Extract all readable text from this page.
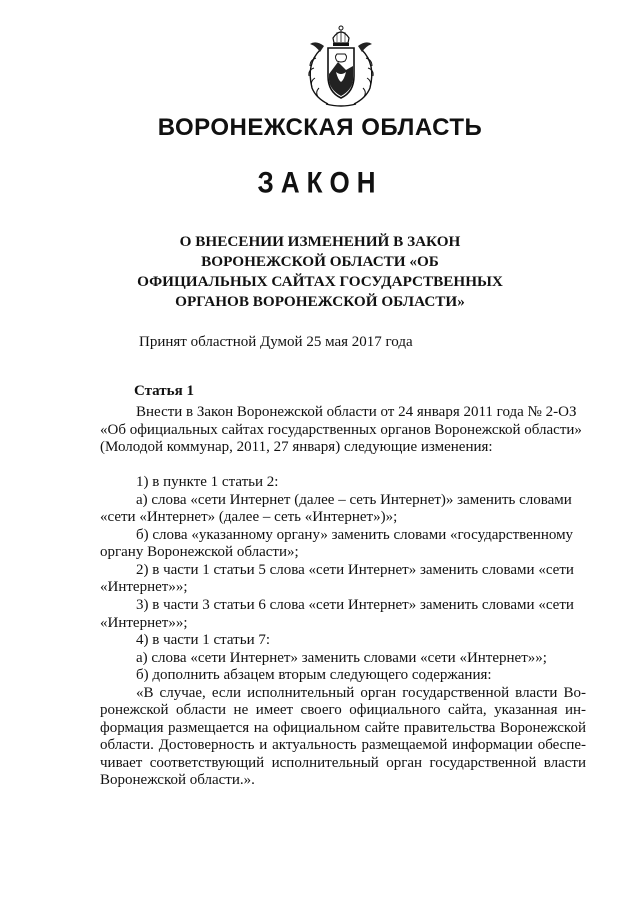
ВОРОНЕЖСКАЯ ОБЛАСТЬ
ЗАКОН
О ВНЕСЕНИИ ИЗМЕНЕНИЙ В ЗАКОН
ВОРОНЕЖСКОЙ ОБЛАСТИ «ОБ
ОФИЦИАЛЬНЫХ САЙТАХ ГОСУДАРСТВЕННЫХ
ОРГАНОВ ВОРОНЕЖСКОЙ ОБЛАСТИ»
Принят областной Думой 25 мая 2017 года
Статья 1
Внести в Закон Воронежской области от 24 января 2011 года № 2-ОЗ
«Об официальных сайтах государственных органов Воронежской области»
(Молодой коммунар, 2011, 27 января) следующие изменения:
1) в пункте 1 статьи 2:
а) слова «сети Интернет (далее – сеть Интернет)» заменить словами
«сети «Интернет» (далее – сеть «Интернет»)»;
б) слова «указанному органу» заменить словами «государственному
органу Воронежской области»;
2) в части 1 статьи 5 слова «сети Интернет» заменить словами «сети
«Интернет»»;
3) в части 3 статьи 6 слова «сети Интернет» заменить словами «сети
«Интернет»»;
4) в части 1 статьи 7:
а) слова «сети Интернет» заменить словами «сети «Интернет»»;
б) дополнить абзацем вторым следующего содержания:
«В случае, если исполнительный орган государственной власти Во-
ронежской области не имеет своего официального сайта, указанная ин-
формация размещается на официальном сайте правительства Воронежской
области. Достоверность и актуальность размещаемой информации обеспе-
чивает соответствующий исполнительный орган государственной власти
Воронежской области.».
